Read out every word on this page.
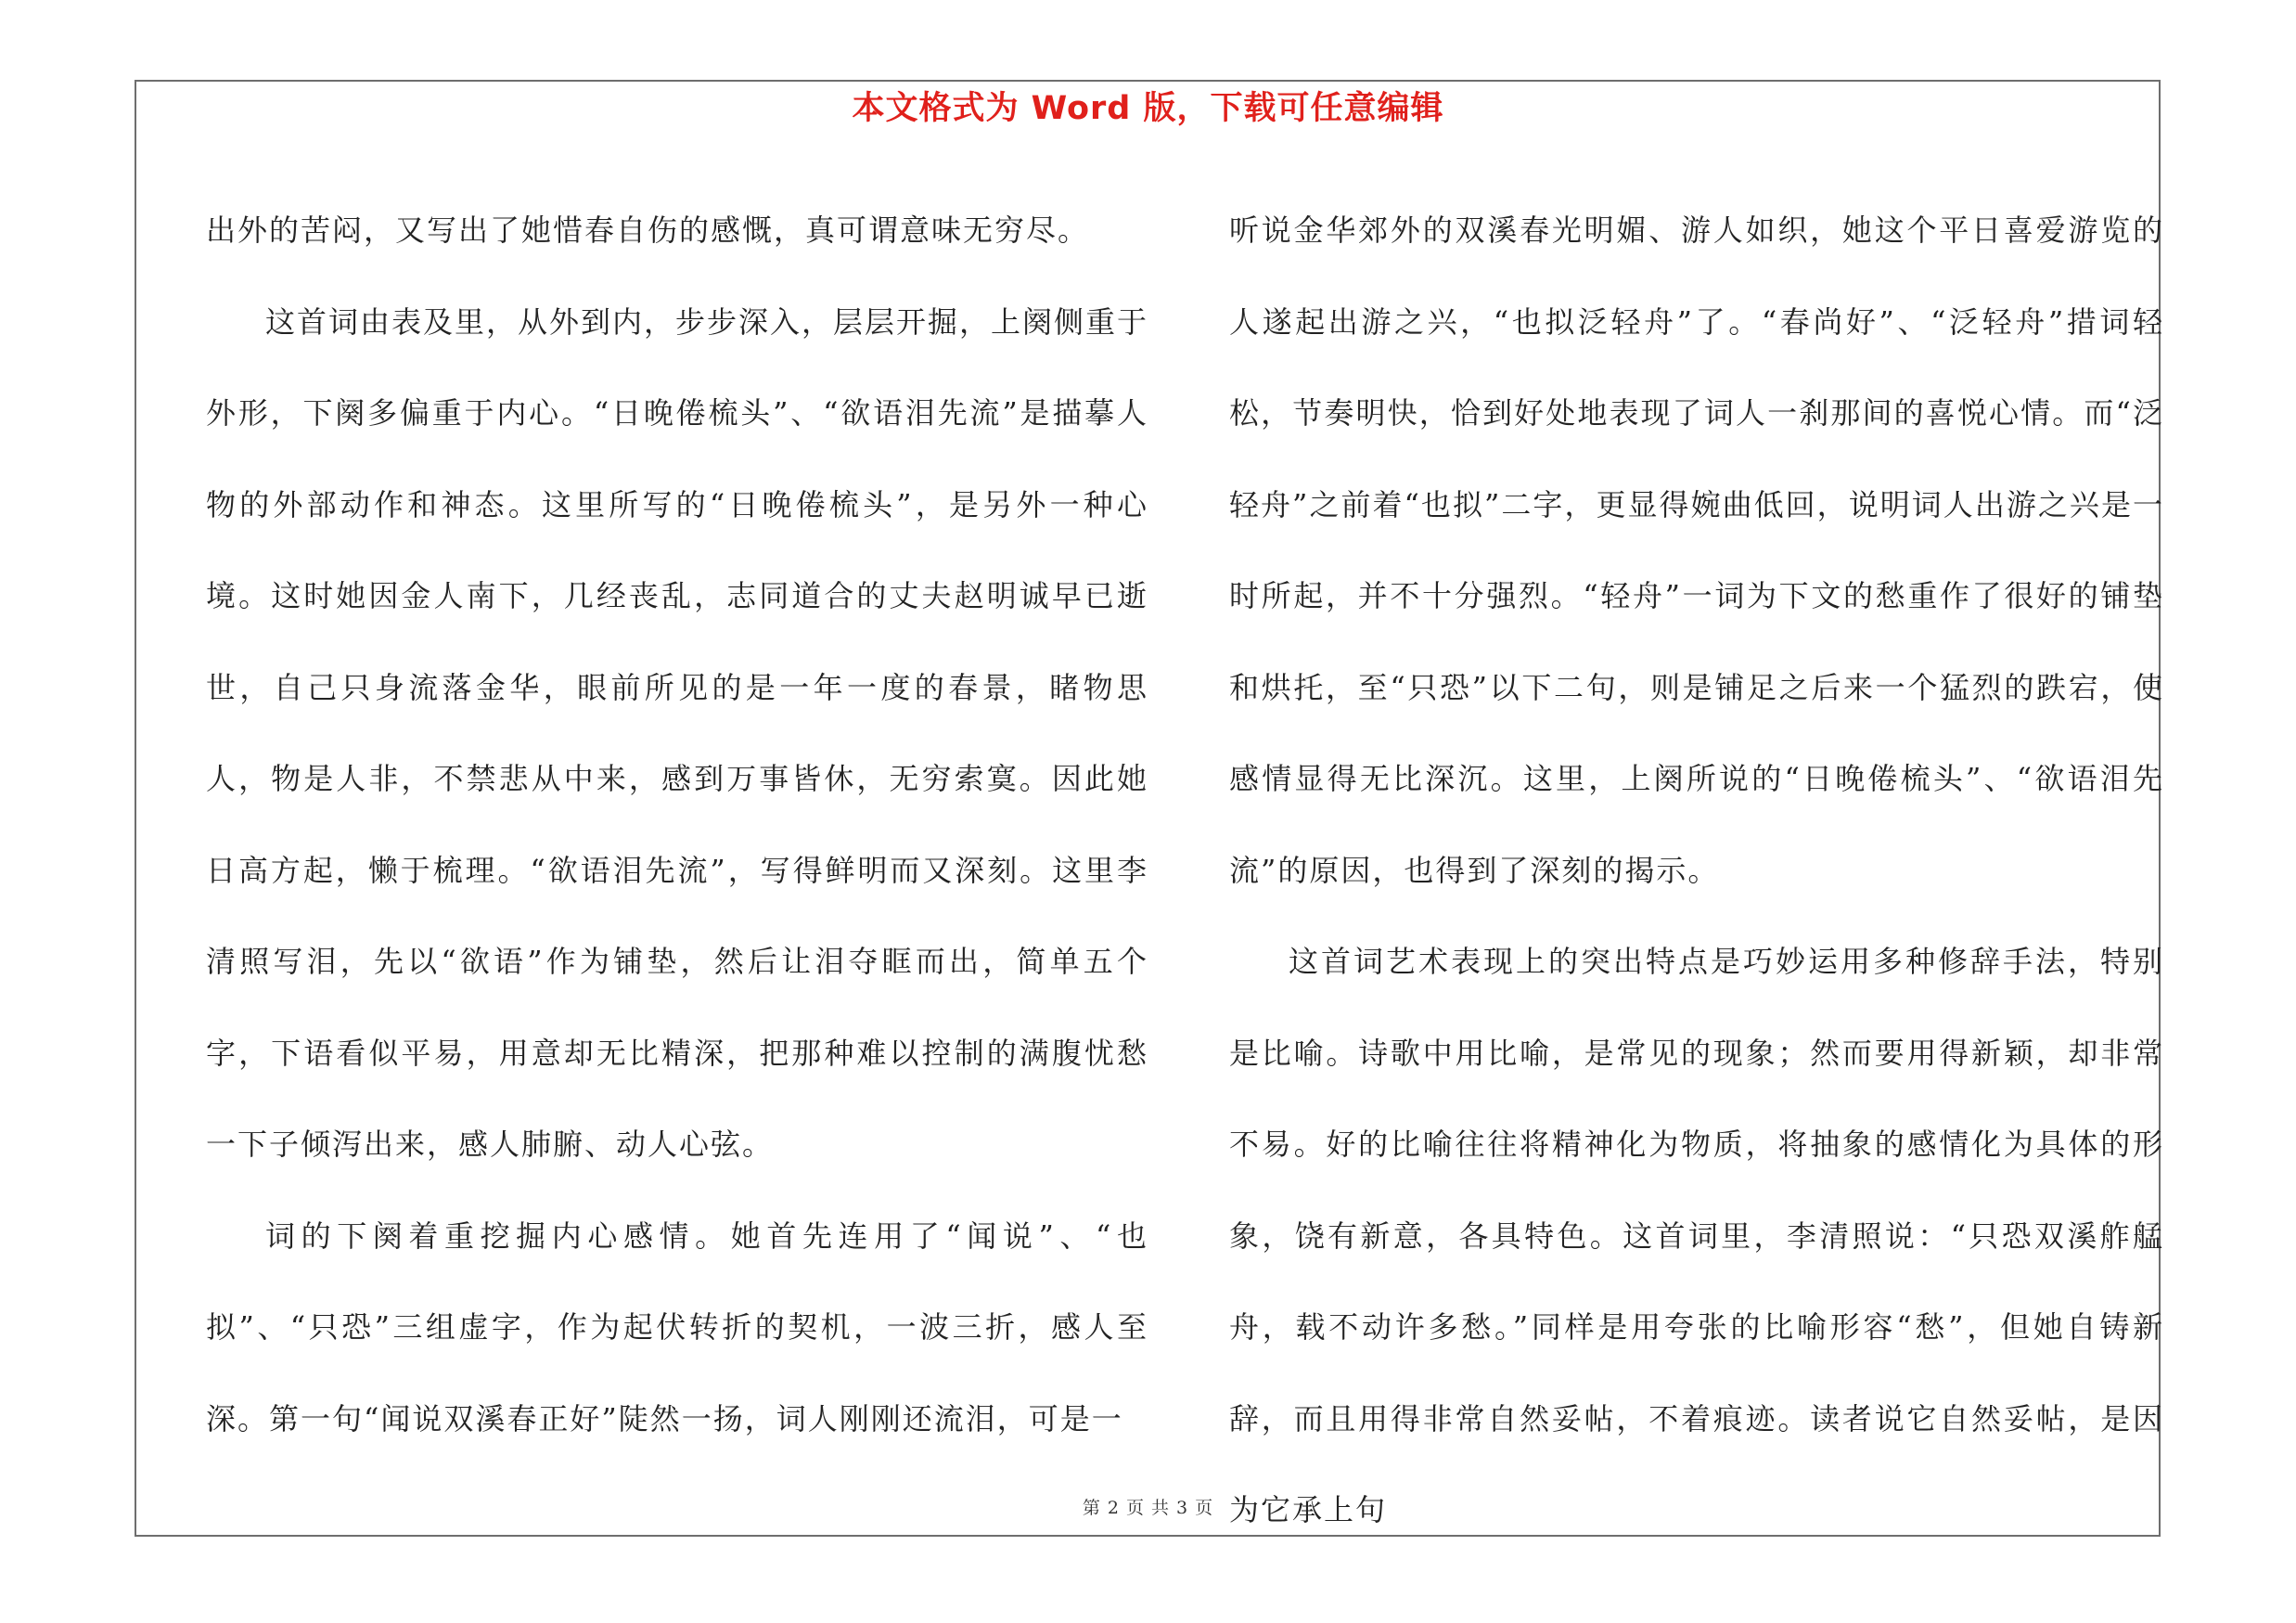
本文格式为 Word 版，下载可任意编辑

出外的苦闷，又写出了她惜春自伤的感慨，真可谓意味无穷尽。

这首词由表及里，从外到内，步步深入，层层开掘，上阕侧重于外形，下阕多偏重于内心。“日晚倦梳头”、“欲语泪先流”是描摹人物的外部动作和神态。这里所写的“日晚倦梳头”，是另外一种心境。这时她因金人南下，几经丧乱，志同道合的丈夫赵明诚早已逝世，自己只身流落金华，眼前所见的是一年一度的春景，睹物思人，物是人非，不禁悲从中来，感到万事皆休，无穷索寞。因此她日高方起，懒于梳理。“欲语泪先流”，写得鲜明而又深刻。这里李清照写泪，先以“欲语”作为铺垫，然后让泪夺眶而出，简单五个字，下语看似平易，用意却无比精深，把那种难以控制的满腹忧愁一下子倾泻出来，感人肺腑、动人心弦。

词的下阕着重挖掘内心感情。她首先连用了“闻说”、“也拟”、“只恐”三组虚字，作为起伏转折的契机，一波三折，感人至深。第一句“闻说双溪春正好”陡然一扬，词人刚刚还流泪，可是一

听说金华郊外的双溪春光明媚、游人如织，她这个平日喜爱游览的人遂起出游之兴，“也拟泛轻舟”了。“春尚好”、“泛轻舟”措词轻松，节奏明快，恰到好处地表现了词人一刹那间的喜悦心情。而“泛轻舟”之前着“也拟”二字，更显得婉曲低回，说明词人出游之兴是一时所起，并不十分强烈。“轻舟”一词为下文的愁重作了很好的铺垫和烘托，至“只恐”以下二句，则是铺足之后来一个猛烈的跌宕，使感情显得无比深沉。这里，上阕所说的“日晚倦梳头”、“欲语泪先流”的原因，也得到了深刻的揭示。

这首词艺术表现上的突出特点是巧妙运用多种修辞手法，特别是比喻。诗歌中用比喻，是常见的现象；然而要用得新颖，却非常不易。好的比喻往往将精神化为物质，将抽象的感情化为具体的形象，饶有新意，各具特色。这首词里，李清照说：“只恐双溪舴艋舟，载不动许多愁。”同样是用夸张的比喻形容“愁”，但她自铸新辞，而且用得非常自然妥帖，不着痕迹。读者说它自然妥帖，是因为它承上句

第 2 页 共 3 页
